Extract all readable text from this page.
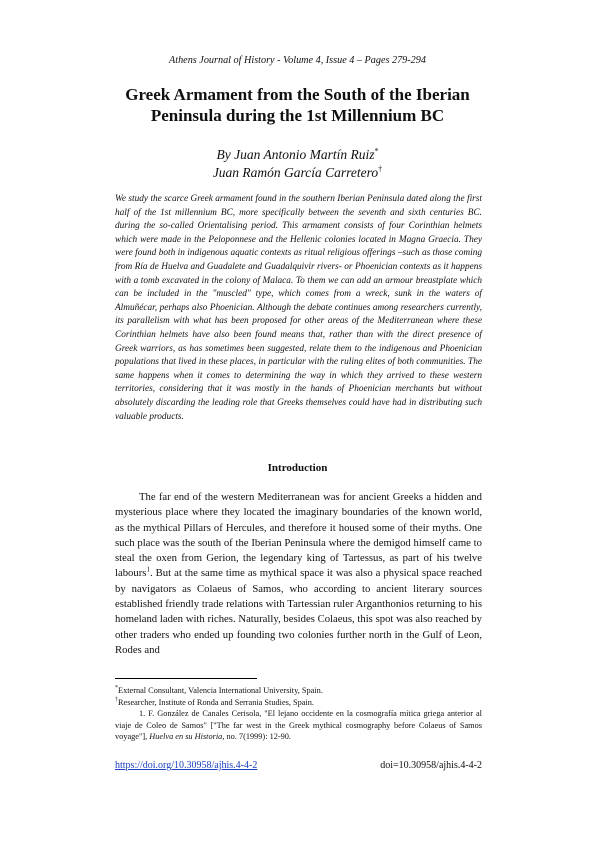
Athens Journal of History - Volume 4, Issue 4 – Pages 279-294
Greek Armament from the South of the Iberian Peninsula during the 1st Millennium BC
By Juan Antonio Martín Ruiz*
Juan Ramón García Carretero†

We study the scarce Greek armament found in the southern Iberian Peninsula dated along the first half of the 1st millennium BC, more specifically between the seventh and sixth centuries BC. during the so-called Orientalising period. This armament consists of four Corinthian helmets which were made in the Peloponnese and the Hellenic colonies located in Magna Graecia. They were found both in indigenous aquatic contexts as ritual religious offerings –such as those coming from Ría de Huelva and Guadalete and Guadalquivir rivers- or Phoenician contexts as it happens with a tomb excavated in the colony of Malaca. To them we can add an armour breastplate which can be included in the "muscled" type, which comes from a wreck, sunk in the waters of Almuñécar, perhaps also Phoenician. Although the debate continues among researchers currently, its parallelism with what has been proposed for other areas of the Mediterranean where these Corinthian helmets have also been found means that, rather than with the direct presence of Greek warriors, as has sometimes been suggested, relate them to the indigenous and Phoenician populations that lived in these places, in particular with the ruling elites of both communities. The same happens when it comes to determining the way in which they arrived to these western territories, considering that it was mostly in the hands of Phoenician merchants but without absolutely discarding the leading role that Greeks themselves could have had in distributing such valuable products.

Introduction

The far end of the western Mediterranean was for ancient Greeks a hidden and mysterious place where they located the imaginary boundaries of the known world, as the mythical Pillars of Hercules, and therefore it housed some of their myths. One such place was the south of the Iberian Peninsula where the demigod himself came to steal the oxen from Gerion, the legendary king of Tartessus, as part of his twelve labours$^1$. But at the same time as mythical space it was also a physical space reached by navigators as Colaeus of Samos, who according to ancient literary sources established friendly trade relations with Tartessian ruler Arganthonios returning to his homeland laden with riches. Naturally, besides Colaeus, this spot was also reached by other traders who ended up founding two colonies further north in the Gulf of Leon, Rodes and

*External Consultant, Valencia International University, Spain.

†Researcher, Institute of Ronda and Serrania Studies, Spain.

1. F. González de Canales Cerisola, "El lejano occidente en la cosmografía mítica griega anterior al viaje de Coleo de Samos" ["The far west in the Greek mythical cosmography before Colaeus of Samos voyage"], Huelva en su Historia, no. 7(1999): 12-90.

https://doi.org/10.30958/ajhis.4-4-2	doi=10.30958/ajhis.4-4-2
